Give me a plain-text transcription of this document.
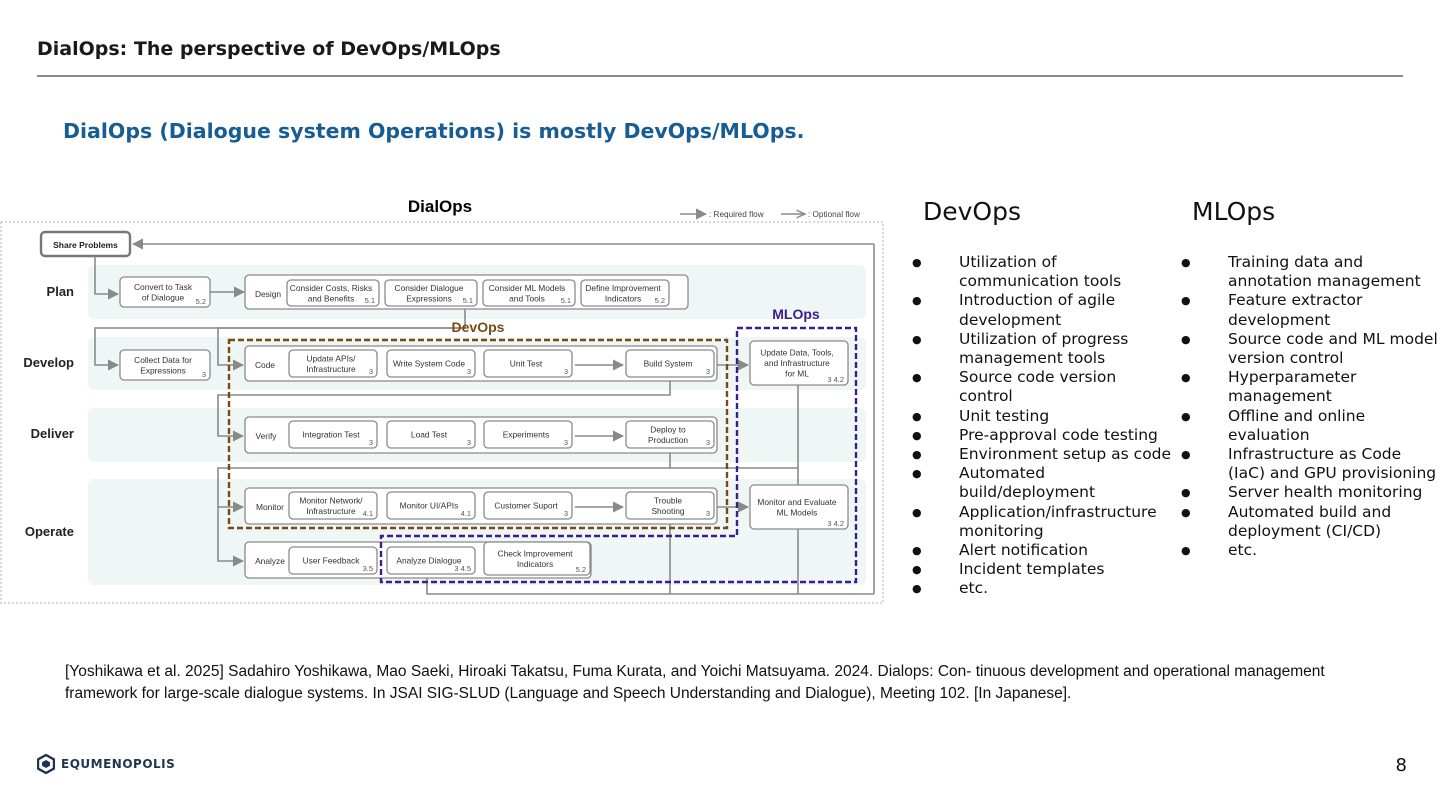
DialOps: The perspective of DevOps/MLOps
DialOps (Dialogue system Operations) is mostly DevOps/MLOps.
: Required flow	: Optional flow
DialOps
Plan
Develop
Deliver
Operate
Share Problems
Convert to Task
of Dialogue 5.2
Design
Consider Costs, Risks
and Benefits 5.1
Consider Dialogue
Expressions 5.1
Consider ML Models
and Tools 5.1
Define Improvement
Indicators 5.2
Collect Data for
Expressions 3
Code
Update APIs/
Infrastructure 3
Write System Code
3
Unit Test
3
Build System
3
Update Data, Tools,
and Infrastructure
for ML
3 4.2
Verify	Integration Test
3
Load Test
3
Experiments
3
Deploy to
Production 3
Monitor
Monitor Network/
Infrastructure 4.1
Monitor UI/APIs
4.1
Customer Suport
3
Trouble
Shooting	3
Monitor and Evaluate
ML Models
3 4.2
Analyze User Feedback
3.5
Analyze Dialogue
3 4.5
Check Improvement
Indicators
5.2
DevOps
MLOps
DevOps
● Utilization of
communication tools
● Introduction of agile
development
● Utilization of progress
management tools
● Source code version
control
● Unit testing
● Pre-approval code testing
● Environment setup as code
● Automated
build/deployment
● Application/infrastructure
monitoring
● Alert notification
● Incident templates
● etc.
MLOps
● Training data and
annotation management
● Feature extractor
development
● Source code and ML model
version control
● Hyperparameter
management
● Offline and online
evaluation
● Infrastructure as Code
(IaC) and GPU provisioning
● Server health monitoring
● Automated build and
deployment (CI/CD)
● etc.
[Yoshikawa et al. 2025] Sadahiro Yoshikawa, Mao Saeki, Hiroaki Takatsu, Fuma Kurata, and Yoichi Matsuyama. 2024. Dialops: Con- tinuous development and operational management framework for large-scale dialogue systems. In JSAI SIG-SLUD (Language and Speech Understanding and Dialogue), Meeting 102. [In Japanese].
EQUMENOPOLIS	8
